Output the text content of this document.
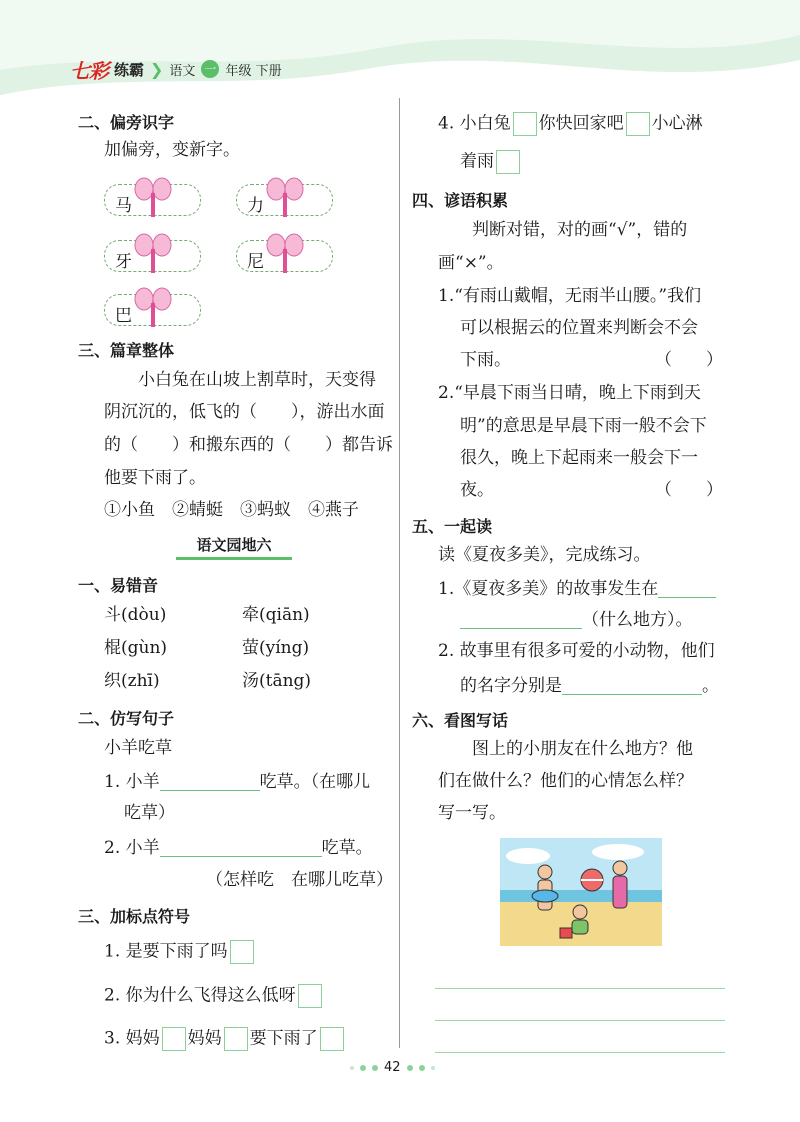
七彩 练霸 ❯ 语文 一 年级 下册
二、偏旁识字
加偏旁，变新字。
马	力
牙	尼
巴
三、篇章整体
小白兔在山坡上割草时，天变得
阴沉沉的，低飞的（　　），游出水面
的（　　）和搬东西的（　　）都告诉
他要下雨了。
①小鱼　②蜻蜓　③蚂蚁　④燕子
语文园地六
一、易错音
斗(dòu)	牵(qiān)
棍(gùn)	萤(yíng)
织(zhī)	汤(tāng)
二、仿写句子
小羊吃草
1. 小羊	吃草。（在哪儿
吃草）
2. 小羊	吃草。
（怎样吃　在哪儿吃草）
三、加标点符号
1. 是要下雨了吗
2. 你为什么飞得这么低呀
3. 妈妈 妈妈 要下雨了
4. 小白兔 你快回家吧 小心淋
着雨
四、谚语积累
判断对错，对的画“√”，错的
画“×”。
1.“有雨山戴帽，无雨半山腰。”我们
可以根据云的位置来判断会不会
下雨。	（　　）
2.“早晨下雨当日晴，晚上下雨到天
明”的意思是早晨下雨一般不会下
很久，晚上下起雨来一般会下一
夜。	（　　）
五、一起读
读《夏夜多美》，完成练习。
1.《夏夜多美》的故事发生在
（什么地方）。
2. 故事里有很多可爱的小动物，他们
的名字分别是	。
六、看图写话
图上的小朋友在什么地方？他
们在做什么？他们的心情怎么样？
写一写。
42
